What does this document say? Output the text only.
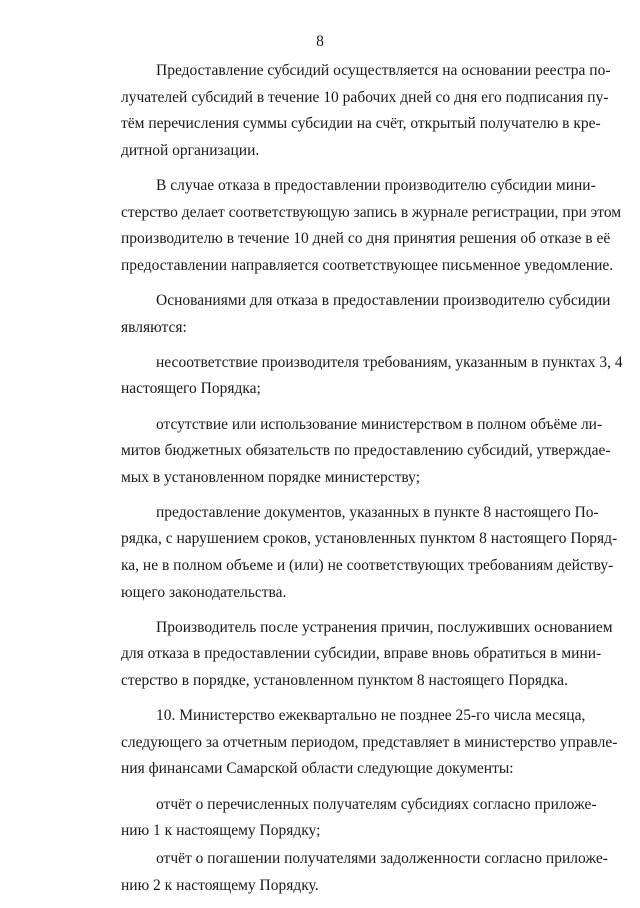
8

Предоставление субсидий осуществляется на основании реестра по-
лучателей субсидий в течение 10 рабочих дней со дня его подписания пу-
тём перечисления суммы субсидии на счёт, открытый получателю в кре-
дитной организации.

В случае отказа в предоставлении производителю субсидии мини-
стерство делает соответствующую запись в журнале регистрации, при этом
производителю в течение 10 дней со дня принятия решения об отказе в её
предоставлении направляется соответствующее письменное уведомление.

Основаниями для отказа в предоставлении производителю субсидии
являются:

несоответствие производителя требованиям, указанным в пунктах 3, 4
настоящего Порядка;

отсутствие или использование министерством в полном объёме ли-
митов бюджетных обязательств по предоставлению субсидий, утверждае-
мых в установленном порядке министерству;

предоставление документов, указанных в пункте 8 настоящего По-
рядка, с нарушением сроков, установленных пунктом 8 настоящего Поряд-
ка, не в полном объеме и (или) не соответствующих требованиям действу-
ющего законодательства.

Производитель после устранения причин, послуживших основанием
для отказа в предоставлении субсидии, вправе вновь обратиться в мини-
стерство в порядке, установленном пунктом 8 настоящего Порядка.

10. Министерство ежеквартально не позднее 25-го числа месяца,
следующего за отчетным периодом, представляет в министерство управле-
ния финансами Самарской области следующие документы:

отчёт о перечисленных получателям субсидиях согласно приложе-
нию 1 к настоящему Порядку;

отчёт о погашении получателями задолженности согласно приложе-
нию 2 к настоящему Порядку.
